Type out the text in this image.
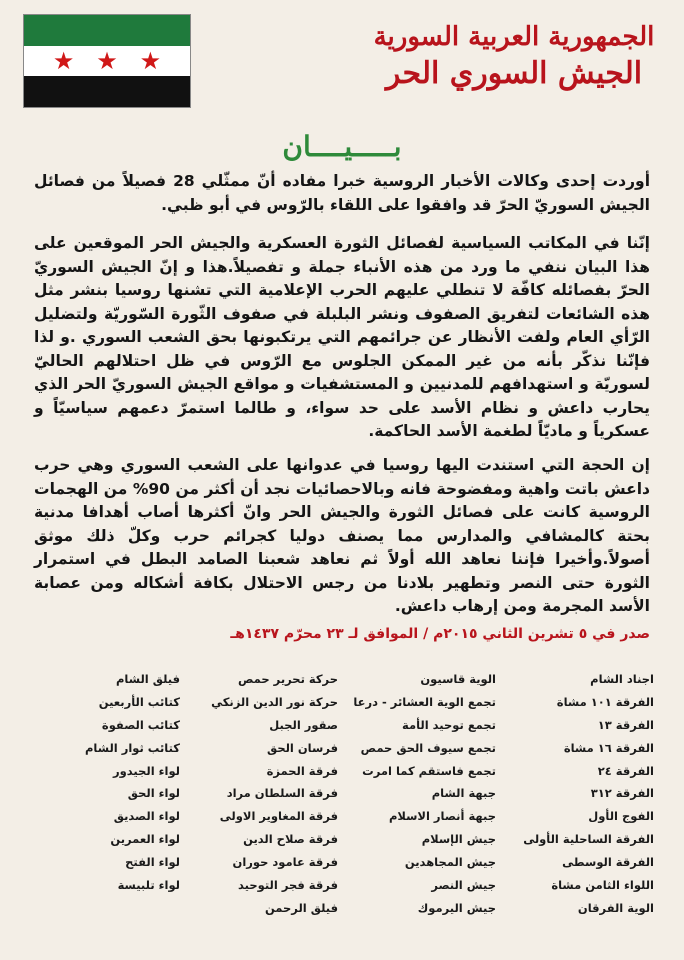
★ ★ ★
الجمهورية العربية السورية
الجيش السوري الحر
بـــــيــــان
أوردت إحدى وكالات الأخبار الروسية خبرا مفاده أنّ ممثّلي 28 فصيلاً من فصائل الجيش السوريّ الحرّ قد وافقوا على اللقاء بالرّوس في أبو ظبي.
إنّنا في المكاتب السياسية لفصائل الثورة العسكرية والجيش الحر الموقعين على هذا البيان ننفي ما ورد من هذه الأنباء جملة و تفصيلاً.هذا و إنّ الجيش السوريّ الحرّ بفصائله كافّة لا تنطلي عليهم الحرب الإعلامية التي تشنها روسيا بنشر مثل هذه الشائعات لتفريق الصفوف ونشر البلبلة في صفوف الثّورة السّوريّة ولتضليل الرّأي العام ولفت الأنظار عن جرائمهم التي يرتكبونها بحق الشعب السوري .و لذا فإنّنا نذكّر بأنه من غير الممكن الجلوس مع الرّوس في ظل احتلالهم الحاليّ لسوريّة و استهدافهم للمدنيين و المستشفيات و مواقع الجيش السوريّ الحر الذي يحارب داعش و نظام الأسد على حد سواء، و طالما استمرّ دعمهم سياسيّاً و عسكرياً و ماديّاً لطغمة الأسد الحاكمة.
إن الحجة التي استندت اليها روسيا في عدوانها على الشعب السوري وهي حرب داعش باتت واهية ومفضوحة فانه وبالاحصائيات نجد أن أكثر من 90% من الهجمات الروسية كانت على فصائل الثورة والجيش الحر وانّ أكثرها أصاب أهدافا مدنية بحتة كالمشافي والمدارس مما يصنف دوليا كجرائم حرب وكلّ ذلك موثق أصولاً.وأخيرا فإننا نعاهد الله أولاً ثم نعاهد شعبنا الصامد البطل في استمرار الثورة حتى النصر وتطهير بلادنا من رجس الاحتلال بكافة أشكاله ومن عصابة الأسد المجرمة ومن إرهاب داعش.
صدر في ٥ تشرين الثاني ٢٠١٥م / الموافق لـ ٢٣ محرّم ١٤٣٧هـ
اجناد الشام
الفرقة ١٠١ مشاة
الفرقة ١٣
الفرقة ١٦ مشاة
الفرقة ٢٤
الفرقة ٣١٢
الفوج الأول
الفرقة الساحلية الأولى
الفرقة الوسطى
اللواء الثامن مشاة
الوية الفرقان
الوية قاسيون
تجمع الوية العشائر - درعا
تجمع توحيد الأمة
تجمع سيوف الحق حمص
تجمع فاستقم كما امرت
جبهة الشام
جبهة أنصار الاسلام
جيش الإسلام
جيش المجاهدين
جيش النصر
جيش اليرموك
حركة تحرير حمص
حركة نور الدين الزنكي
صقور الجبل
فرسان الحق
فرقة الحمزة
فرقة السلطان مراد
فرقة المغاوير الاولى
فرقة صلاح الدين
فرقة عامود حوران
فرقة فجر التوحيد
فيلق الرحمن
فيلق الشام
كتائب الأربعين
كتائب الصفوة
كتائب ثوار الشام
لواء الجيدور
لواء الحق
لواء الصديق
لواء العمرين
لواء الفتح
لواء تلبيسة
